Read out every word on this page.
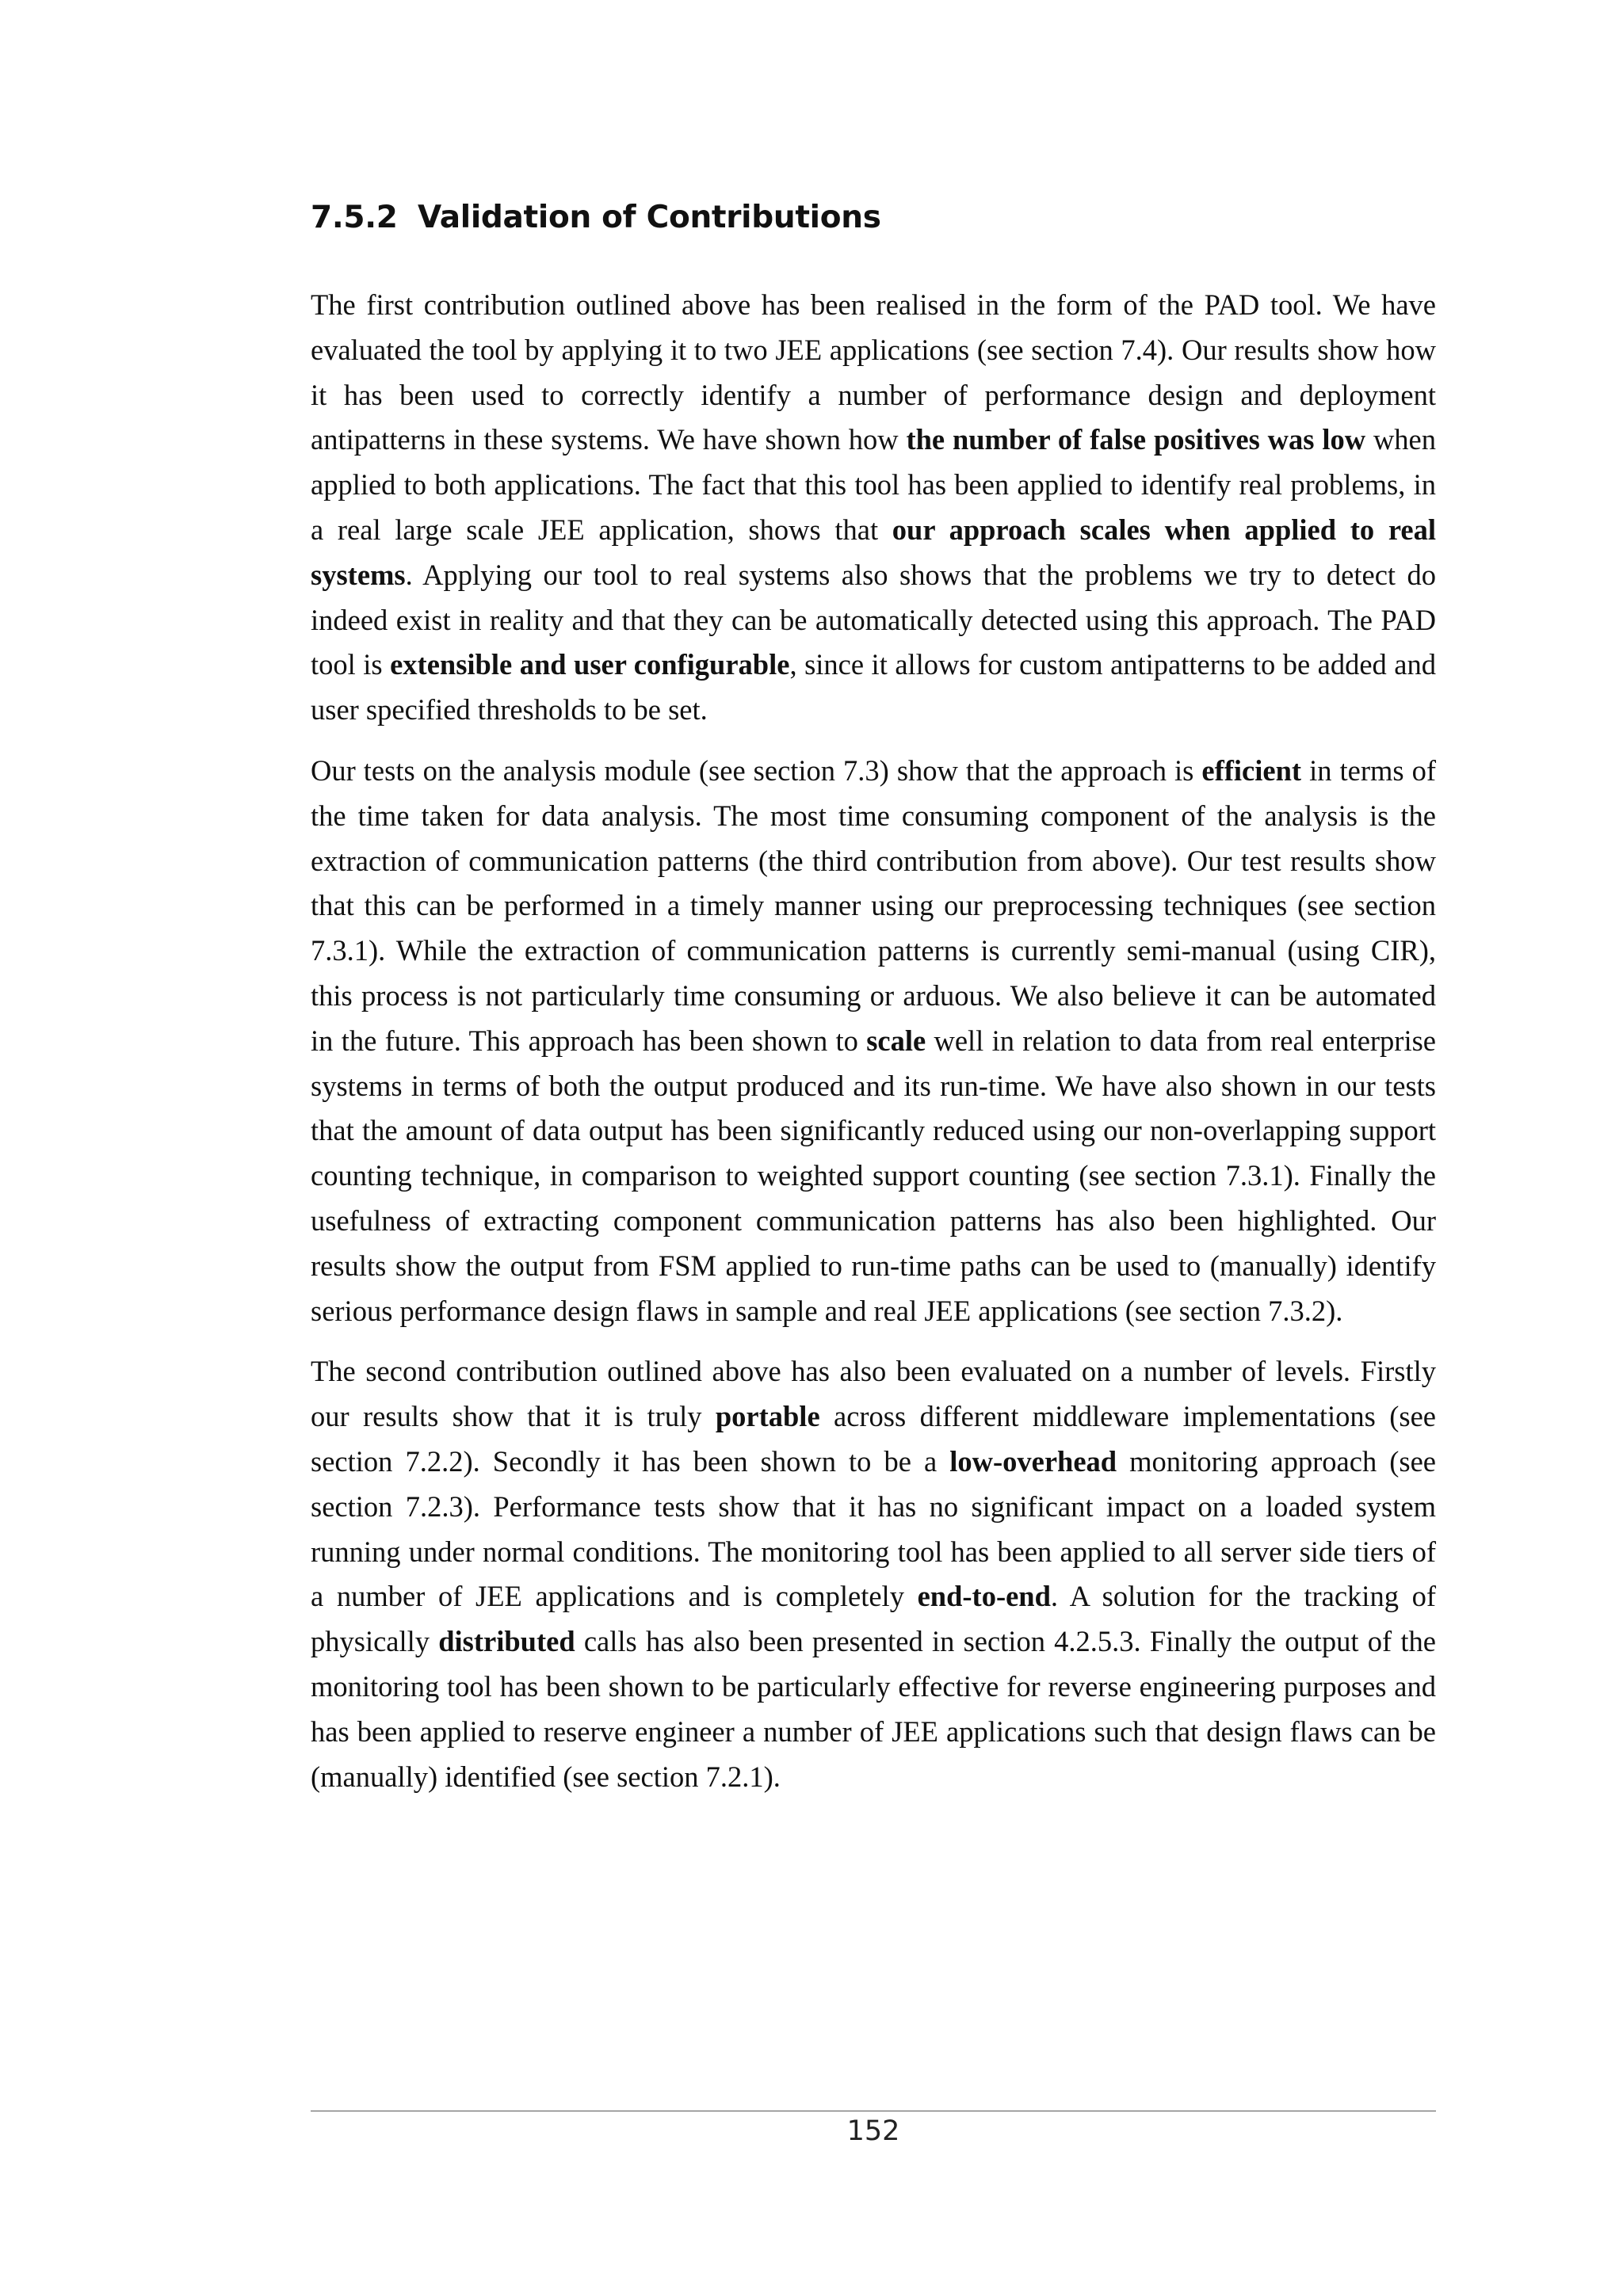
7.5.2 Validation of Contributions

The first contribution outlined above has been realised in the form of the PAD tool. We have evaluated the tool by applying it to two JEE applications (see section 7.4). Our results show how it has been used to correctly identify a number of performance design and deployment antipatterns in these systems. We have shown how the number of false positives was low when applied to both applications. The fact that this tool has been applied to identify real problems, in a real large scale JEE application, shows that our approach scales when applied to real systems. Applying our tool to real systems also shows that the problems we try to detect do indeed exist in reality and that they can be automatically detected using this approach. The PAD tool is extensible and user configurable, since it allows for custom antipatterns to be added and user specified thresholds to be set.

Our tests on the analysis module (see section 7.3) show that the approach is efficient in terms of the time taken for data analysis. The most time consuming component of the analysis is the extraction of communication patterns (the third contribution from above). Our test results show that this can be performed in a timely manner using our preprocessing techniques (see section 7.3.1). While the extraction of communication patterns is currently semi-manual (using CIR), this process is not particularly time consuming or arduous. We also believe it can be automated in the future. This approach has been shown to scale well in relation to data from real enterprise systems in terms of both the output produced and its run-time. We have also shown in our tests that the amount of data output has been significantly reduced using our non-overlapping support counting technique, in comparison to weighted support counting (see section 7.3.1). Finally the usefulness of extracting component communication patterns has also been highlighted. Our results show the output from FSM applied to run-time paths can be used to (manually) identify serious performance design flaws in sample and real JEE applications (see section 7.3.2).

The second contribution outlined above has also been evaluated on a number of levels. Firstly our results show that it is truly portable across different middleware implementations (see section 7.2.2). Secondly it has been shown to be a low-overhead monitoring approach (see section 7.2.3). Performance tests show that it has no significant impact on a loaded system running under normal conditions. The monitoring tool has been applied to all server side tiers of a number of JEE applications and is completely end-to-end. A solution for the tracking of physically distributed calls has also been presented in section 4.2.5.3. Finally the output of the monitoring tool has been shown to be particularly effective for reverse engineering purposes and has been applied to reserve engineer a number of JEE applications such that design flaws can be (manually) identified (see section 7.2.1).

152
